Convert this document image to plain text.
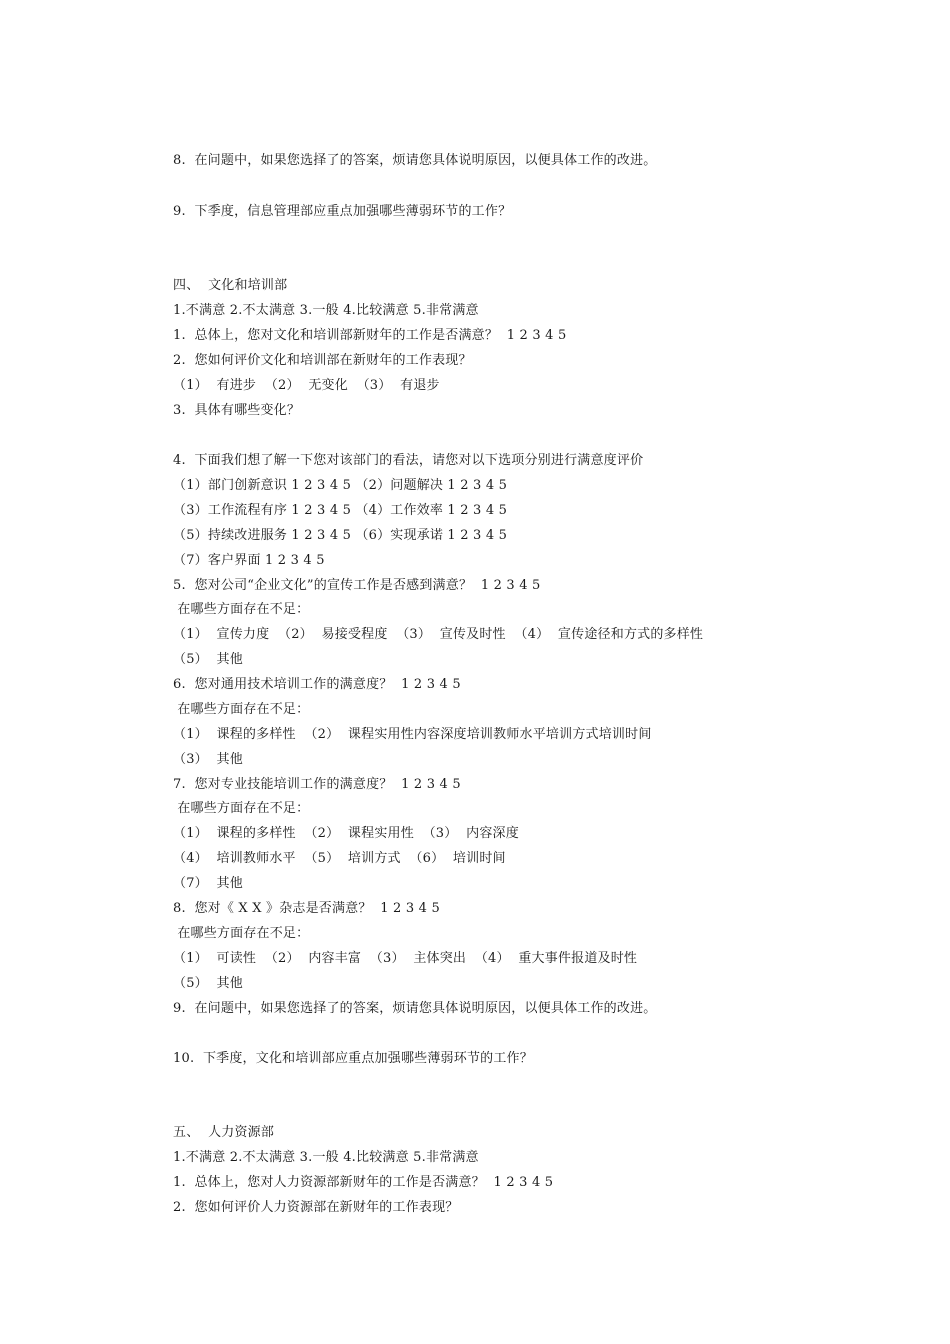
8.  在问题中，如果您选择了的答案，烦请您具体说明原因，以便具体工作的改进。
9.  下季度，信息管理部应重点加强哪些薄弱环节的工作？
四、  文化和培训部
1.不满意 2.不太满意 3.一般 4.比较满意 5.非常满意
1.  总体上，您对文化和培训部新财年的工作是否满意？  1 2 3 4 5
2.  您如何评价文化和培训部在新财年的工作表现？
（1）  有进步  （2）  无变化  （3）  有退步
3.  具体有哪些变化？
4.  下面我们想了解一下您对该部门的看法，请您对以下选项分别进行满意度评价
（1）部门创新意识 1 2 3 4 5 （2）问题解决 1 2 3 4 5
（3）工作流程有序 1 2 3 4 5 （4）工作效率 1 2 3 4 5
（5）持续改进服务 1 2 3 4 5 （6）实现承诺 1 2 3 4 5
（7）客户界面 1 2 3 4 5
5.  您对公司“企业文化”的宣传工作是否感到满意？  1 2 3 4 5
在哪些方面存在不足：
（1）  宣传力度  （2）  易接受程度  （3）  宣传及时性  （4）  宣传途径和方式的多样性
（5）  其他
6.  您对通用技术培训工作的满意度？  1 2 3 4 5
在哪些方面存在不足：
（1）  课程的多样性  （2）  课程实用性内容深度培训教师水平培训方式培训时间
（3）  其他
7.  您对专业技能培训工作的满意度？  1 2 3 4 5
在哪些方面存在不足：
（1）  课程的多样性  （2）  课程实用性  （3）  内容深度
（4）  培训教师水平  （5）  培训方式  （6）  培训时间
（7）  其他
8.  您对《 X X 》杂志是否满意？  1 2 3 4 5
在哪些方面存在不足：
（1）  可读性  （2）  内容丰富  （3）  主体突出  （4）  重大事件报道及时性
（5）  其他
9.  在问题中，如果您选择了的答案，烦请您具体说明原因，以便具体工作的改进。
10.  下季度，文化和培训部应重点加强哪些薄弱环节的工作？
五、  人力资源部
1.不满意 2.不太满意 3.一般 4.比较满意 5.非常满意
1.  总体上，您对人力资源部新财年的工作是否满意？  1 2 3 4 5
2.  您如何评价人力资源部在新财年的工作表现？
